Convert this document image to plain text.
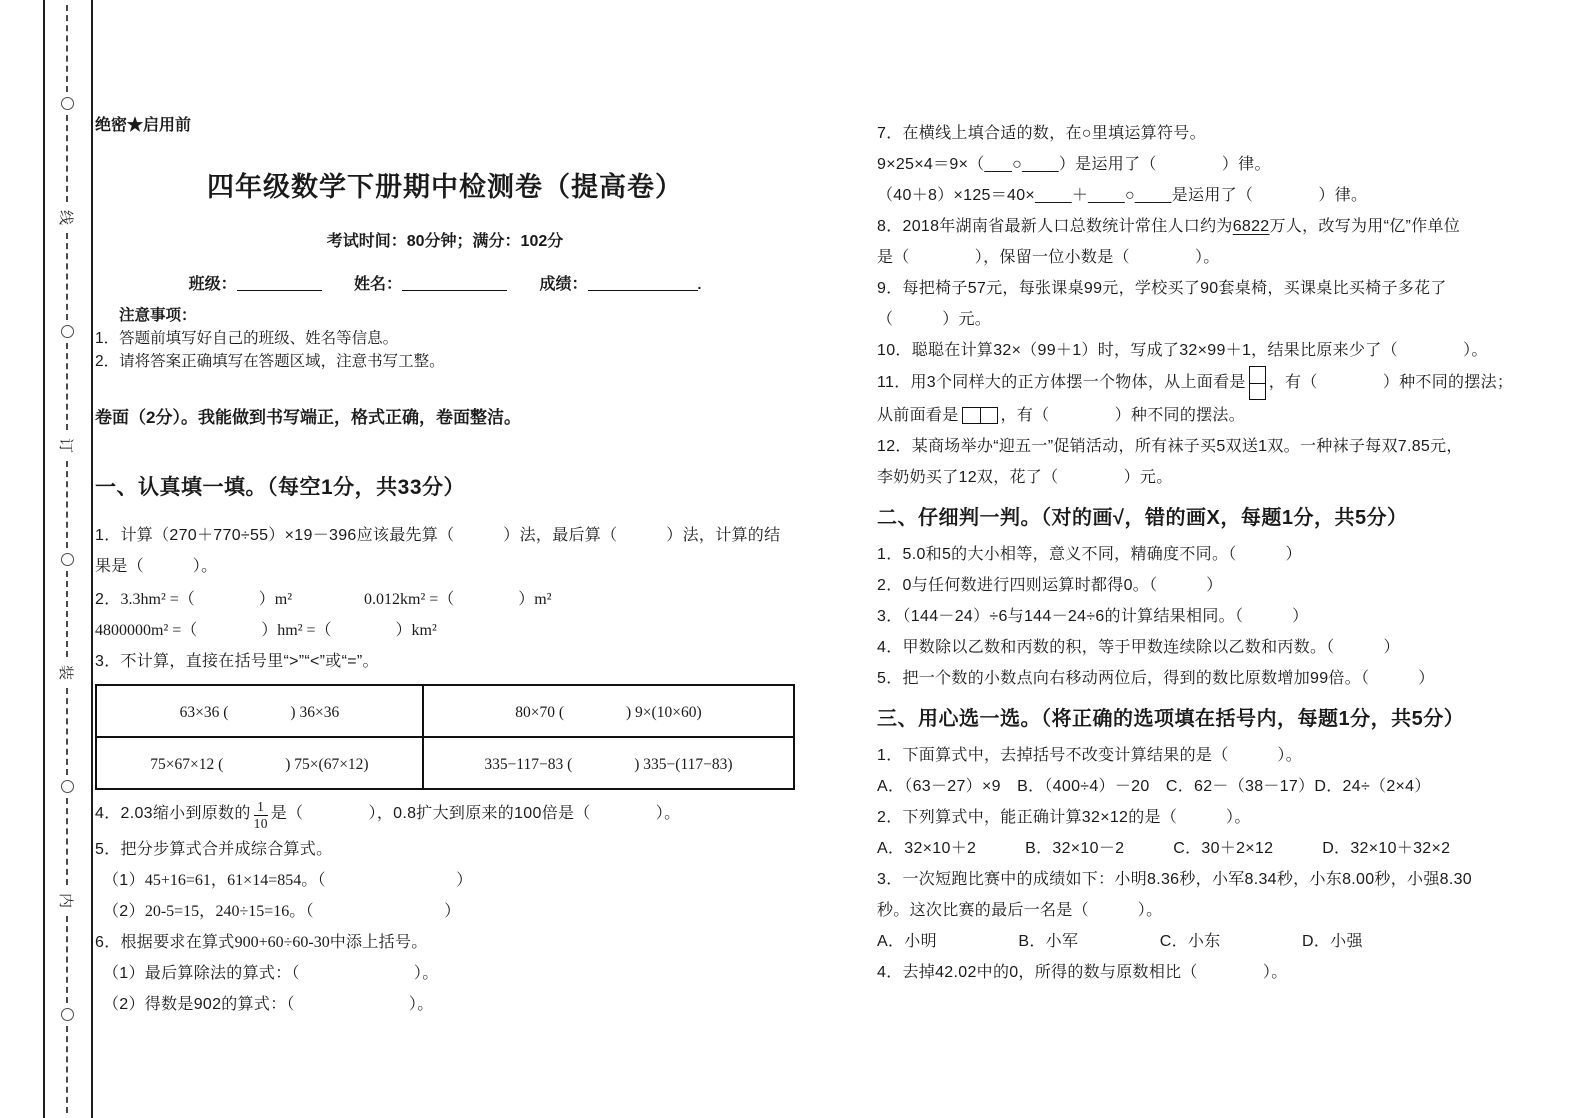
线
订
装
内

绝密★启用前

四年级数学下册期中检测卷（提高卷）

考试时间：80分钟；满分：102分

班级：	姓名：	成绩：	.

注意事项：

1．答题前填写好自己的班级、姓名等信息。

2．请将答案正确填写在答题区域，注意书写工整。

卷面（2分）。我能做到书写端正，格式正确，卷面整洁。

一、认真填一填。（每空1分，共33分）

1．计算（270＋770÷55）×19－396应该最先算（　　　）法，最后算（　　　）法，计算的结

果是（　　　）。

2．3.3hm² =（　　　　）m²	0.012km² =（　　　　）m²

4800000m² =（　　　　）hm² =（　　　　）km²

3．不计算，直接在括号里“>”“<”或“=”。

63×36 (　　　　) 36×36	80×70 (　　　　) 9×(10×60)
75×67×12 (　　　　) 75×(67×12)	335−117−83 (　　　　) 335−(117−83)

4．2.03缩小到原数的 $\frac{1}{10}$ 是（　　　　），0.8扩大到原来的100倍是（　　　　）。

5．把分步算式合并成综合算式。

（1）45+16=61，61×14=854。（　　　　　　　　）

（2）20-5=15，240÷15=16。（　　　　　　　　）

6．根据要求在算式900+60÷60-30中添上括号。

（1）最后算除法的算式：（　　　　　　　）。

（2）得数是902的算式：（　　　　　　　）。

7．在横线上填合适的数，在○里填运算符号。

9×25×4＝9×（___○____）是运用了（　　　　）律。

（40＋8）×125＝40×____＋____○____是运用了（　　　　）律。

8．2018年湖南省最新人口总数统计常住人口约为6822万人，改写为用“亿”作单位

是（　　　　），保留一位小数是（　　　　）。

9．每把椅子57元，每张课桌99元，学校买了90套桌椅，买课桌比买椅子多花了

（　　　）元。

10．聪聪在计算32×（99＋1）时，写成了32×99＋1，结果比原来少了（　　　　）。

11．用3个同样大的正方体摆一个物体，从上面看是 ，有（　　　　）种不同的摆法；

从前面看是	，有（　　　　）种不同的摆法。

12．某商场举办“迎五一”促销活动，所有袜子买5双送1双。一种袜子每双7.85元，

李奶奶买了12双，花了（　　　　）元。

二、仔细判一判。（对的画√，错的画X，每题1分，共5分）

1．5.0和5的大小相等，意义不同，精确度不同。（　　　）

2．0与任何数进行四则运算时都得0。（　　　）

3．（144－24）÷6与144－24÷6的计算结果相同。（　　　）

4．甲数除以乙数和丙数的积，等于甲数连续除以乙数和丙数。（　　　）

5．把一个数的小数点向右移动两位后，得到的数比原数增加99倍。（　　　）

三、用心选一选。（将正确的选项填在括号内，每题1分，共5分）

1．下面算式中，去掉括号不改变计算结果的是（　　　）。

A．（63－27）×9　B．（400÷4）－20　C．62－（38－17）D．24÷（2×4）

2．下列算式中，能正确计算32×12的是（　　　）。

A．32×10＋2　　　B．32×10－2　　　C．30＋2×12　　　D．32×10＋32×2

3．一次短跑比赛中的成绩如下：小明8.36秒，小军8.34秒，小东8.00秒，小强8.30

秒。这次比赛的最后一名是（　　　）。

A．小明　　　　　B．小军　　　　　C．小东　　　　　D．小强

4．去掉42.02中的0，所得的数与原数相比（　　　　）。
